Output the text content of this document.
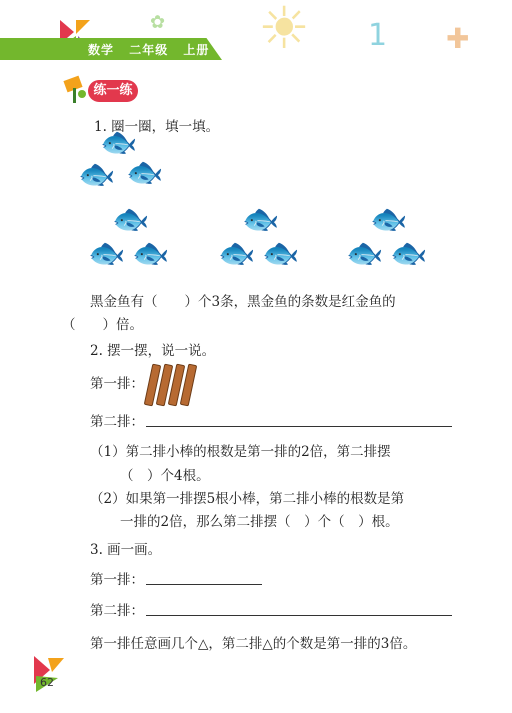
☀ 1 ✚
✿
数学 二年级 上册
练一练
1. 圈一圈，填一填。
🐟
🐟 🐟
🐟
🐟 🐟
🐟
🐟 🐟
🐟
🐟 🐟
黑金鱼有（　　）个3条，黑金鱼的条数是红金鱼的
（　　）倍。
2. 摆一摆，说一说。
第一排：
第二排：
（1）第二排小棒的根数是第一排的2倍，第二排摆
（　）个4根。
（2）如果第一排摆5根小棒，第二排小棒的根数是第
一排的2倍，那么第二排摆（　）个（　）根。
3. 画一画。
第一排：
第二排：
第一排任意画几个△，第二排△的个数是第一排的3倍。
62
